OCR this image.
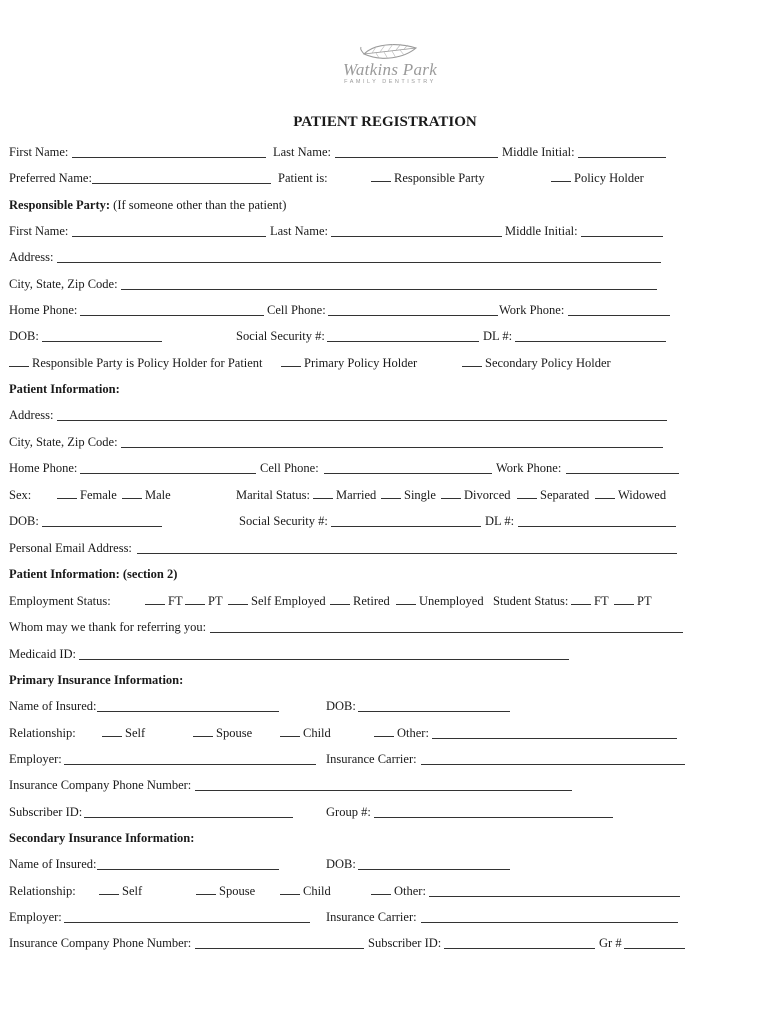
Watkins Park
FAMILY DENTISTRY
PATIENT REGISTRATION
First Name:	Last Name:	Middle Initial:
Preferred Name:	Patient is:	Responsible Party	Policy Holder
Responsible Party: (If someone other than the patient)
First Name:	Last Name:	Middle Initial:
Address:
City, State, Zip Code:
Home Phone:	Cell Phone:	Work Phone:
DOB:	Social Security #:	DL #:
Responsible Party is Policy Holder for Patient	Primary Policy Holder	Secondary Policy Holder
Patient Information:
Address:
City, State, Zip Code:
Home Phone:	Cell Phone:	Work Phone:
Sex:	Female	Male	Marital Status:	Married	Single	Divorced	Separated	Widowed
DOB:	Social Security #:	DL #:
Personal Email Address:
Patient Information: (section 2)
Employment Status:	FT	PT	Self Employed	Retired	Unemployed Student Status:	FT	PT
Whom may we thank for referring you:
Medicaid ID:
Primary Insurance Information:
Name of Insured:	DOB:
Relationship:	Self	Spouse	Child	Other:
Employer:	Insurance Carrier:
Insurance Company Phone Number:
Subscriber ID:	Group #:
Secondary Insurance Information:
Name of Insured:	DOB:
Relationship:	Self	Spouse	Child	Other:
Employer:	Insurance Carrier:
Insurance Company Phone Number:	Subscriber ID:	Gr #
